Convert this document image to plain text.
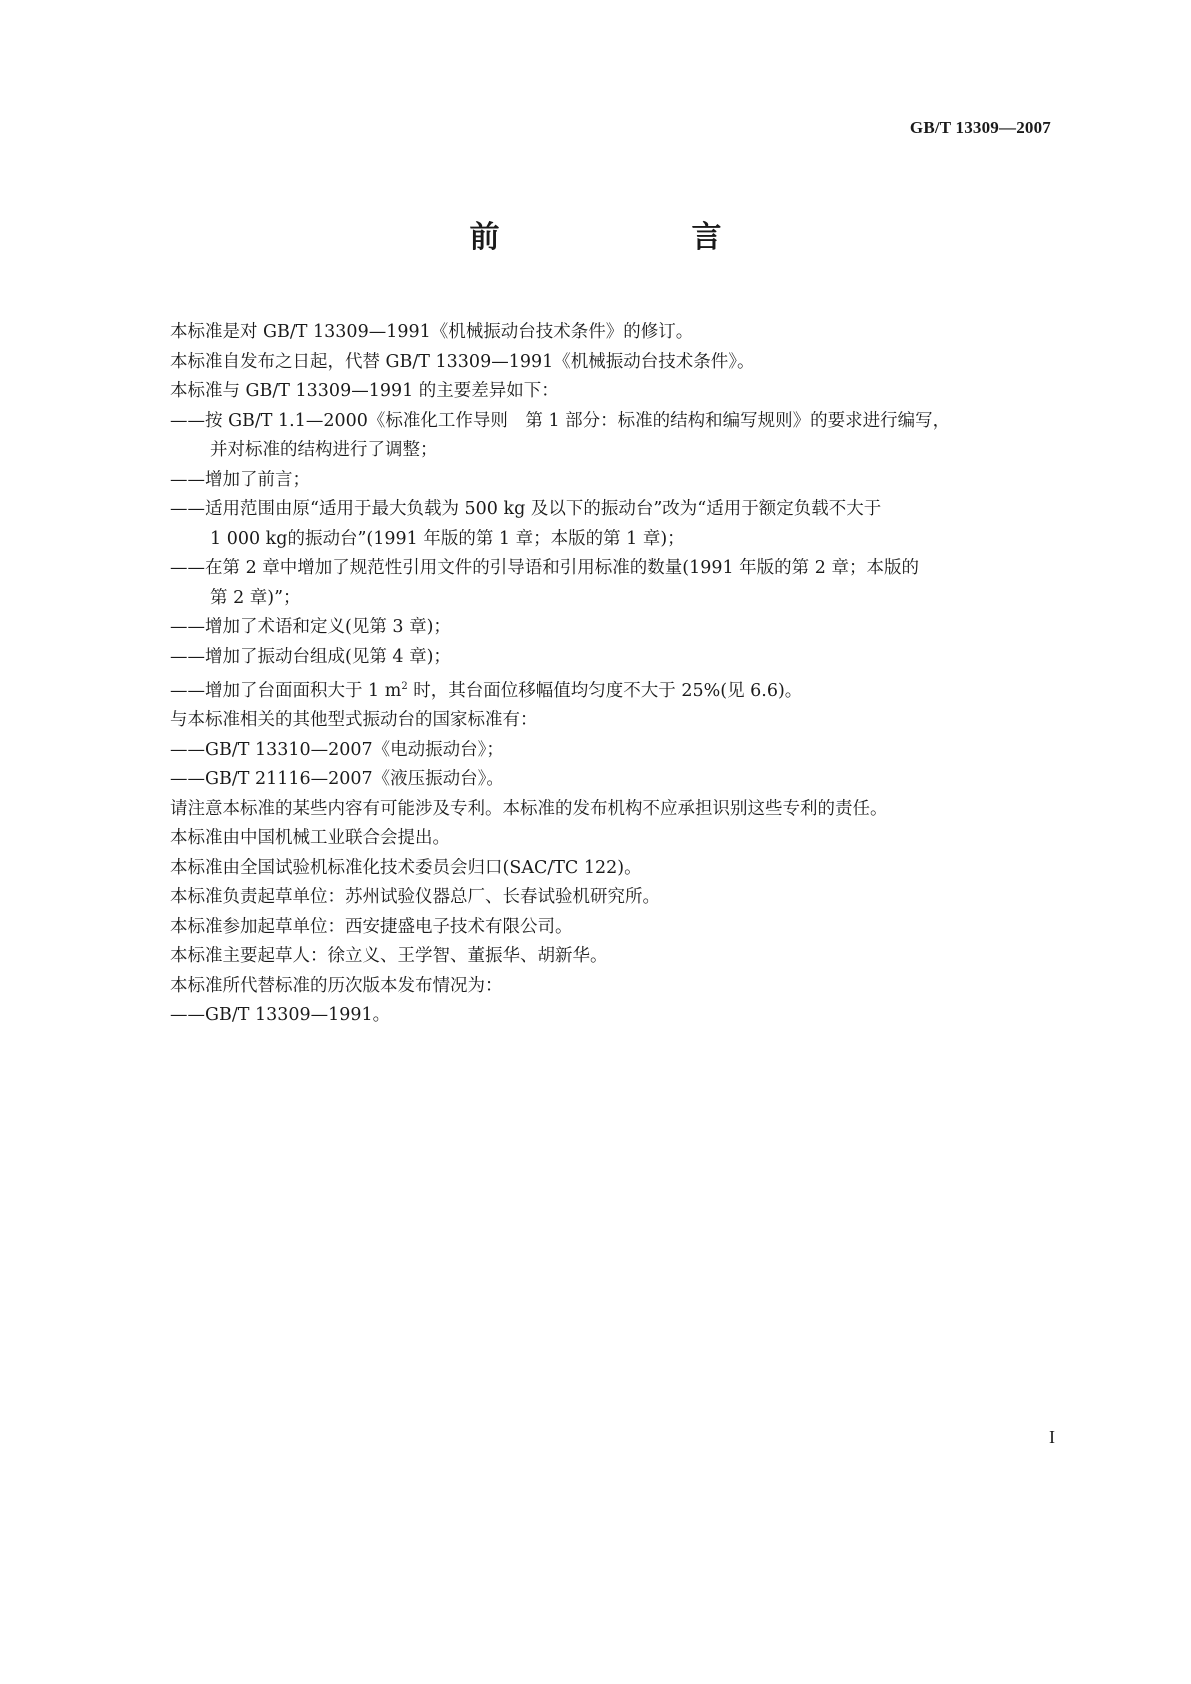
GB/T 13309—2007
前　　言

本标准是对 GB/T 13309—1991《机械振动台技术条件》的修订。

本标准自发布之日起，代替 GB/T 13309—1991《机械振动台技术条件》。

本标准与 GB/T 13309—1991 的主要差异如下：

——按 GB/T 1.1—2000《标准化工作导则　第 1 部分：标准的结构和编写规则》的要求进行编写，

并对标准的结构进行了调整；

——增加了前言；

——适用范围由原“适用于最大负载为 500 kg 及以下的振动台”改为“适用于额定负载不大于

1 000 kg的振动台”(1991 年版的第 1 章；本版的第 1 章)；

——在第 2 章中增加了规范性引用文件的引导语和引用标准的数量(1991 年版的第 2 章；本版的

第 2 章)”；

——增加了术语和定义(见第 3 章)；

——增加了振动台组成(见第 4 章)；

——增加了台面面积大于 1 $m^2$ 时，其台面位移幅值均匀度不大于 25%(见 6.6)。

与本标准相关的其他型式振动台的国家标准有：

——GB/T 13310—2007《电动振动台》；

——GB/T 21116—2007《液压振动台》。

请注意本标准的某些内容有可能涉及专利。本标准的发布机构不应承担识别这些专利的责任。

本标准由中国机械工业联合会提出。

本标准由全国试验机标准化技术委员会归口(SAC/TC 122)。

本标准负责起草单位：苏州试验仪器总厂、长春试验机研究所。

本标准参加起草单位：西安捷盛电子技术有限公司。

本标准主要起草人：徐立义、王学智、董振华、胡新华。

本标准所代替标准的历次版本发布情况为：

——GB/T 13309—1991。

I
